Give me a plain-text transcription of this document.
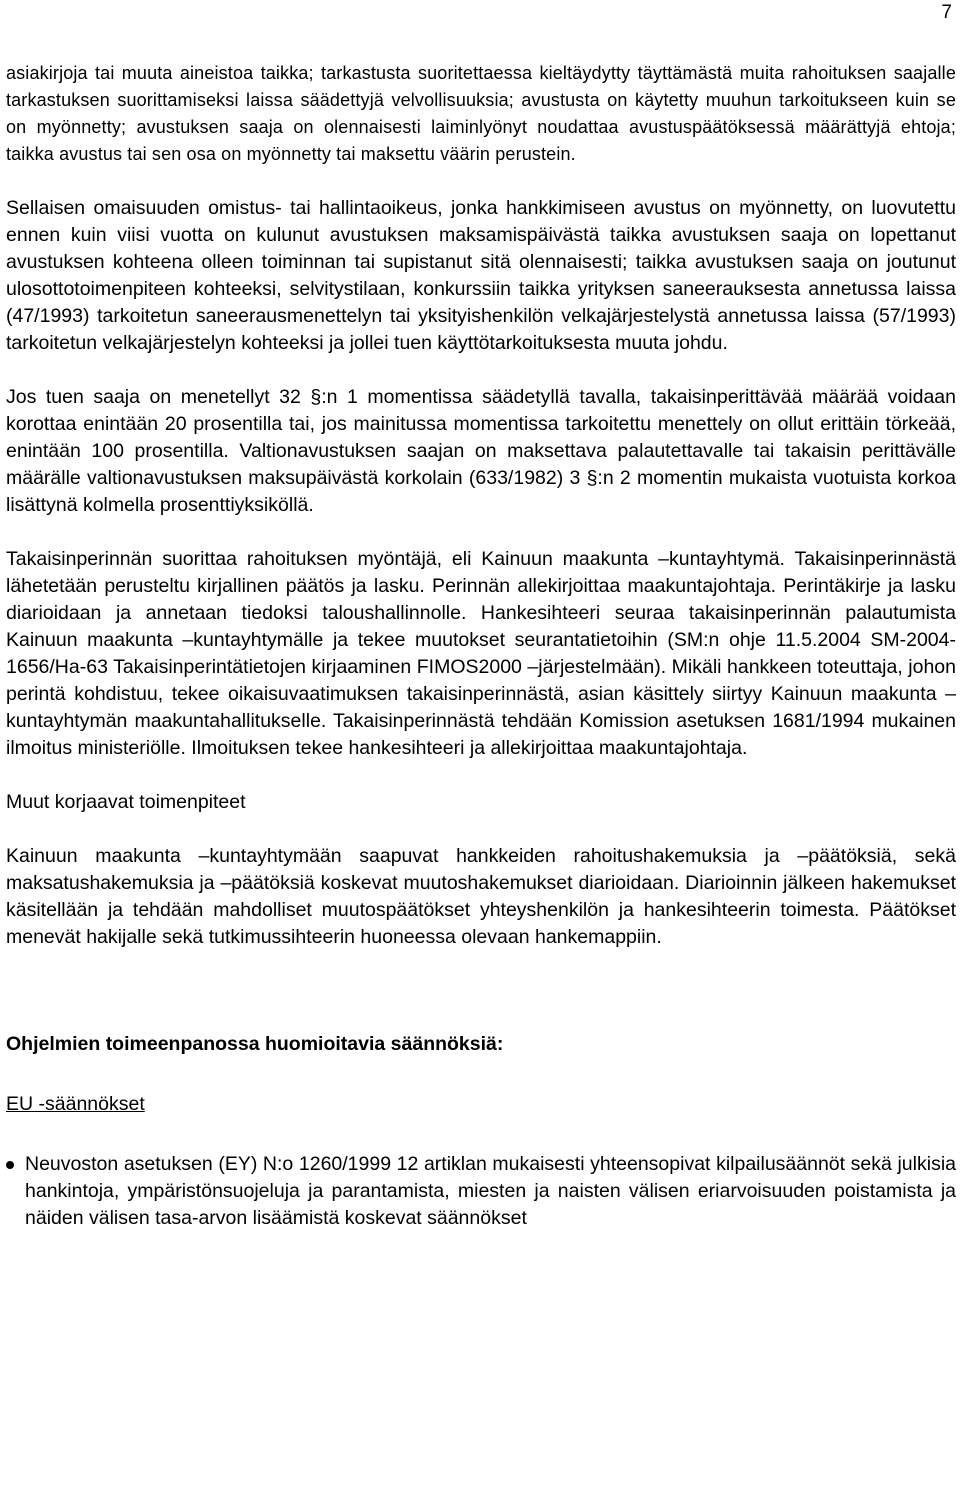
7

asiakirjoja tai muuta aineistoa taikka; tarkastusta suoritettaessa kieltäydytty täyttämästä muita rahoituksen saajalle tarkastuksen suorittamiseksi laissa säädettyjä velvollisuuksia; avustusta on käytetty muuhun tarkoitukseen kuin se on myönnetty; avustuksen saaja on olennaisesti laiminlyönyt noudattaa avustuspäätöksessä määrättyjä ehtoja; taikka avustus tai sen osa on myönnetty tai maksettu väärin perustein.

Sellaisen omaisuuden omistus- tai hallintaoikeus, jonka hankkimiseen avustus on myönnetty, on luovutettu ennen kuin viisi vuotta on kulunut avustuksen maksamispäivästä taikka avustuksen saaja on lopettanut avustuksen kohteena olleen toiminnan tai supistanut sitä olennaisesti; taikka avustuksen saaja on joutunut ulosottotoimenpiteen kohteeksi, selvitystilaan, konkurssiin taikka yrityksen saneerauksesta annetussa laissa (47/1993) tarkoitetun saneerausmenettelyn tai yksityishenkilön velkajärjestelystä annetussa laissa (57/1993) tarkoitetun velkajärjestelyn kohteeksi ja jollei tuen käyttötarkoituksesta muuta johdu.

Jos tuen saaja on menetellyt 32 §:n 1 momentissa säädetyllä tavalla, takaisinperittävää määrää voidaan korottaa enintään 20 prosentilla tai, jos mainitussa momentissa tarkoitettu menettely on ollut erittäin törkeää, enintään 100 prosentilla. Valtionavustuksen saajan on maksettava palautettavalle tai takaisin perittävälle määrälle valtionavustuksen maksupäivästä korkolain (633/1982) 3 §:n 2 momentin mukaista vuotuista korkoa lisättynä kolmella prosenttiyksiköllä.

Takaisinperinnän suorittaa rahoituksen myöntäjä, eli Kainuun maakunta –kuntayhtymä. Takaisinperinnästä lähetetään perusteltu kirjallinen päätös ja lasku. Perinnän allekirjoittaa maakuntajohtaja. Perintäkirje ja lasku diarioidaan ja annetaan tiedoksi taloushallinnolle. Hankesihteeri seuraa takaisinperinnän palautumista Kainuun maakunta –kuntayhtymälle ja tekee muutokset seurantatietoihin (SM:n ohje 11.5.2004 SM-2004-1656/Ha-63 Takaisinperintätietojen kirjaaminen FIMOS2000 –järjestelmään). Mikäli hankkeen toteuttaja, johon perintä kohdistuu, tekee oikaisuvaatimuksen takaisinperinnästä, asian käsittely siirtyy Kainuun maakunta –kuntayhtymän maakuntahallitukselle. Takaisinperinnästä tehdään Komission asetuksen 1681/1994 mukainen ilmoitus ministeriölle. Ilmoituksen tekee hankesihteeri ja allekirjoittaa maakuntajohtaja.

Muut korjaavat toimenpiteet

Kainuun maakunta –kuntayhtymään saapuvat hankkeiden rahoitushakemuksia ja –päätöksiä, sekä maksatushakemuksia ja –päätöksiä koskevat muutoshakemukset diarioidaan. Diarioinnin jälkeen hakemukset käsitellään ja tehdään mahdolliset muutospäätökset yhteyshenkilön ja hankesihteerin toimesta. Päätökset menevät hakijalle sekä tutkimussihteerin huoneessa olevaan hankemappiin.

Ohjelmien toimeenpanossa huomioitavia säännöksiä:

EU -säännökset

Neuvoston asetuksen (EY) N:o 1260/1999 12 artiklan mukaisesti yhteensopivat kilpailusäännöt sekä julkisia hankintoja, ympäristönsuojeluja ja parantamista, miesten ja naisten välisen eriarvoisuuden poistamista ja näiden välisen tasa-arvon lisäämistä koskevat säännökset
